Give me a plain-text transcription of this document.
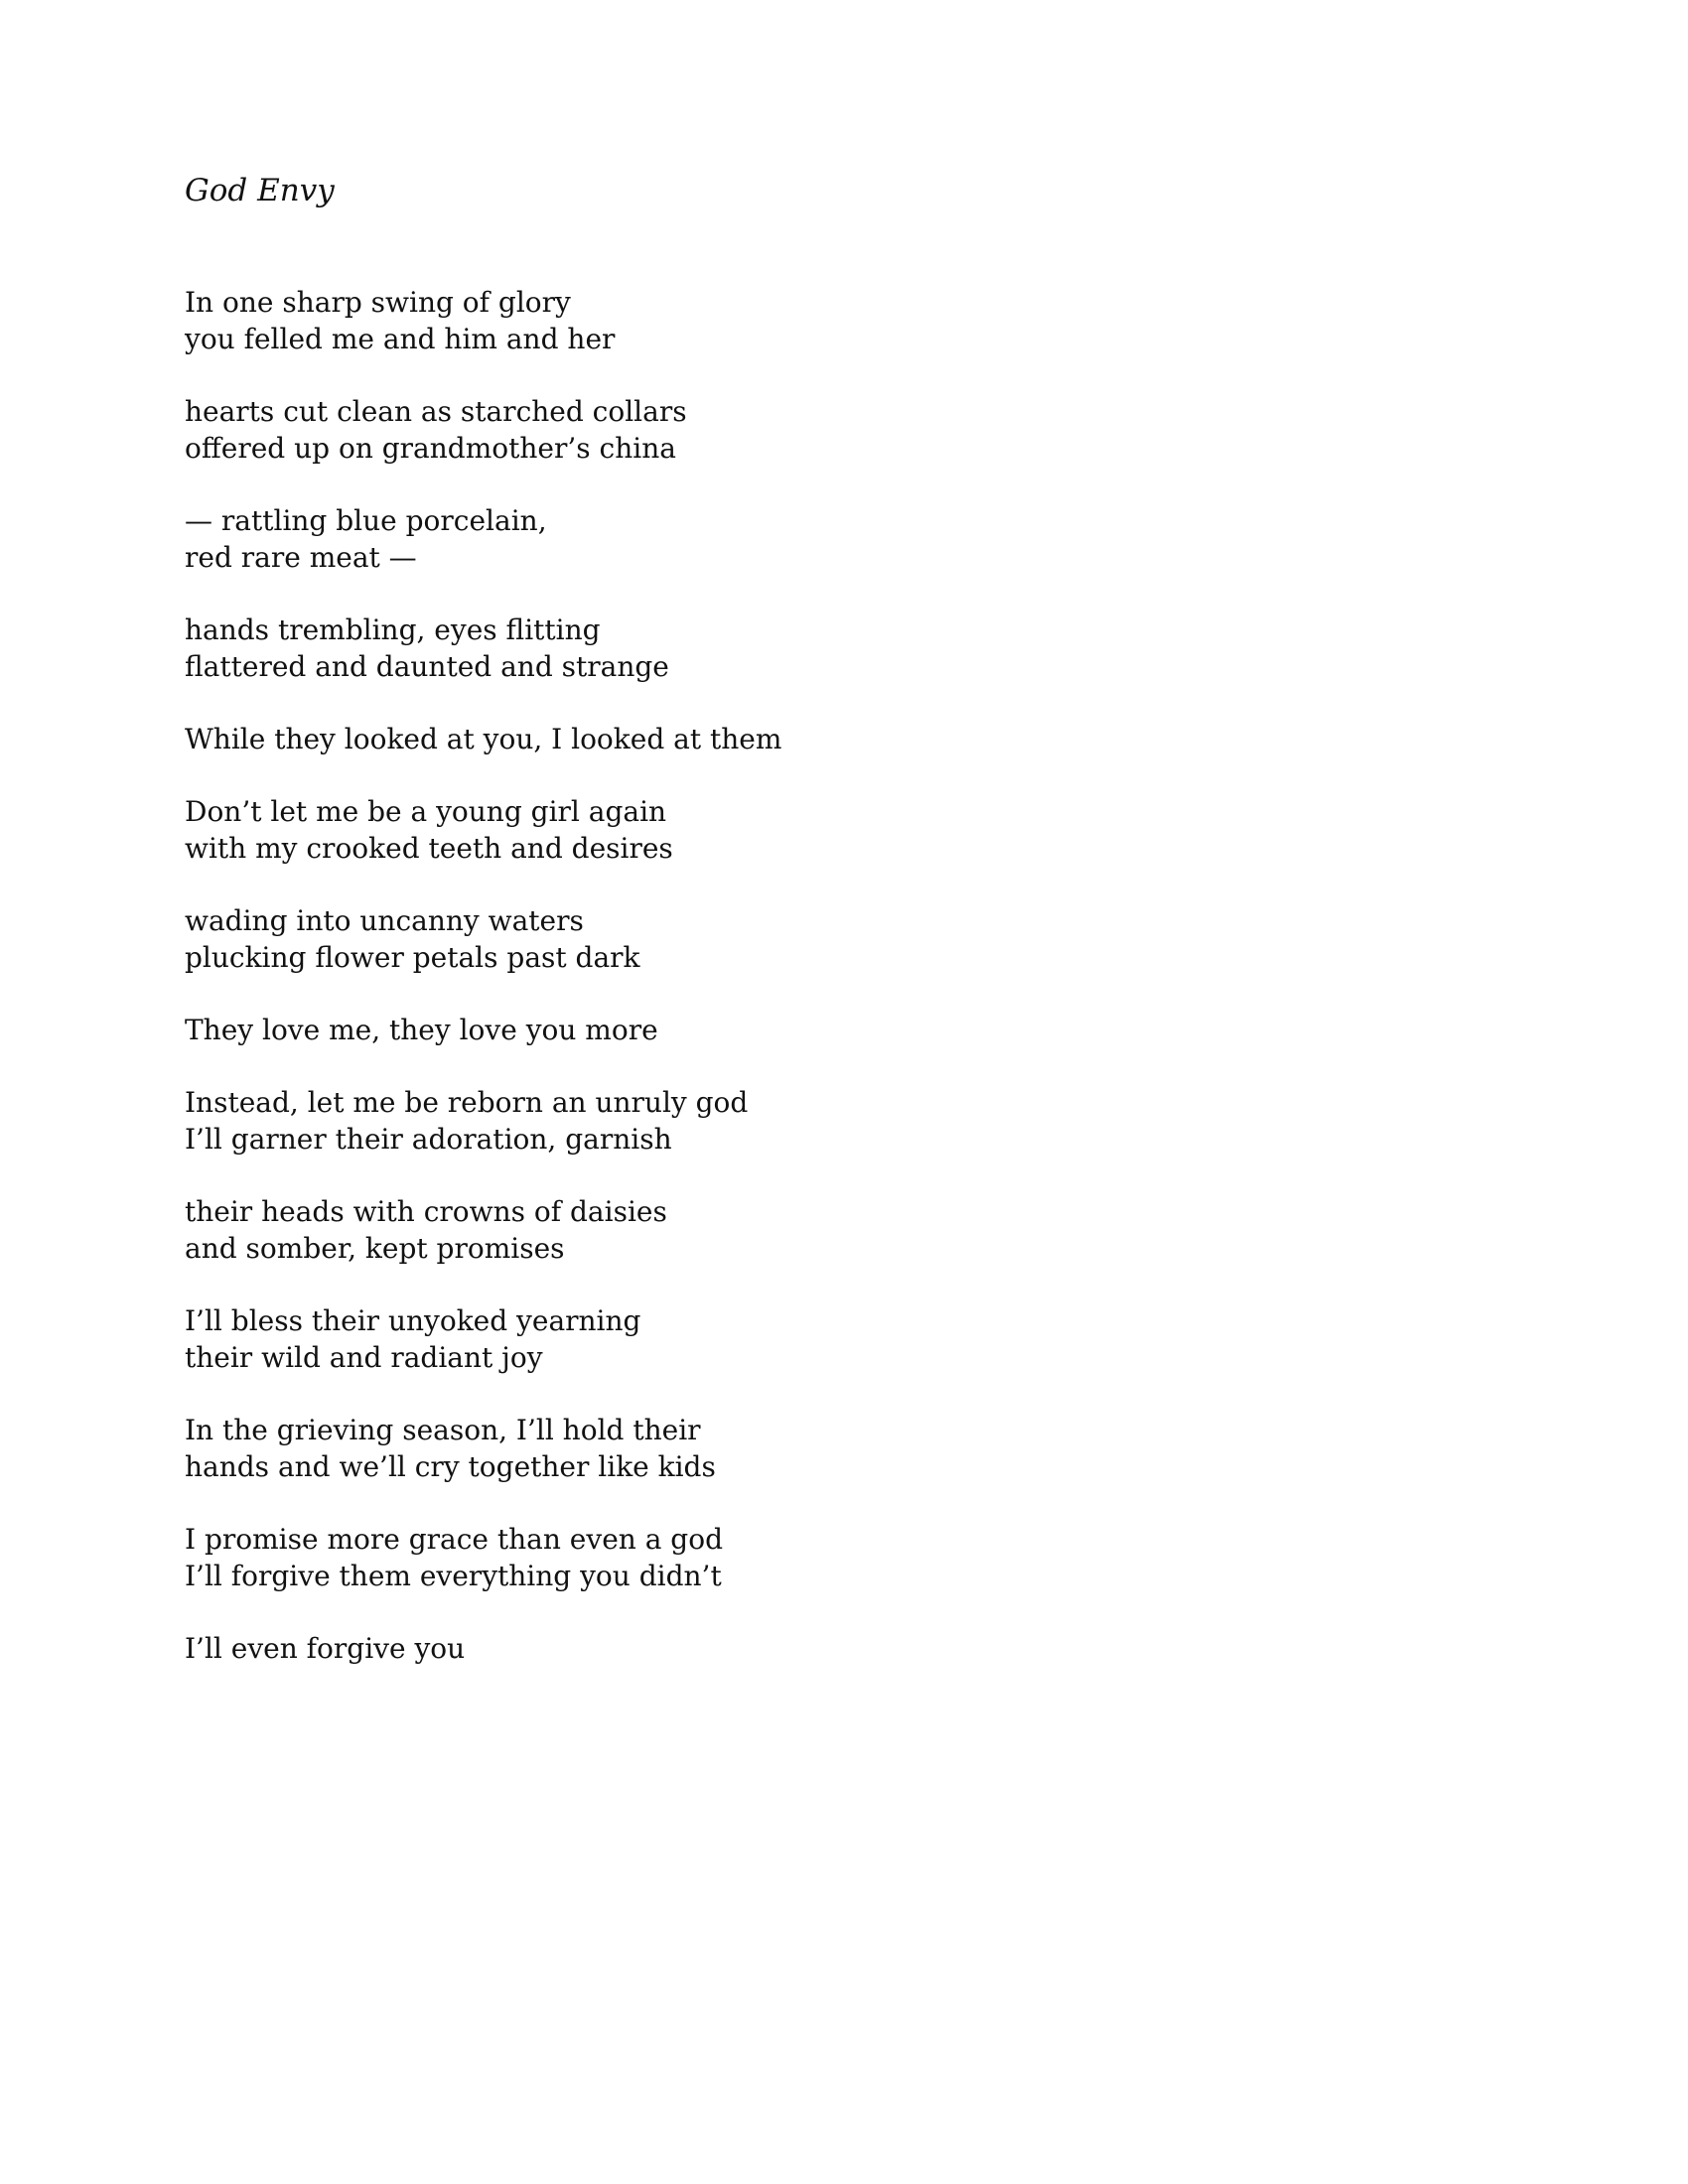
God Envy
In one sharp swing of glory
you felled me and him and her
hearts cut clean as starched collars
offered up on grandmother’s china
— rattling blue porcelain,
red rare meat —
hands trembling, eyes flitting
flattered and daunted and strange
While they looked at you, I looked at them
Don’t let me be a young girl again
with my crooked teeth and desires
wading into uncanny waters
plucking flower petals past dark
They love me, they love you more
Instead, let me be reborn an unruly god
I’ll garner their adoration, garnish
their heads with crowns of daisies
and somber, kept promises
I’ll bless their unyoked yearning
their wild and radiant joy
In the grieving season, I’ll hold their
hands and we’ll cry together like kids
I promise more grace than even a god
I’ll forgive them everything you didn’t
I’ll even forgive you
